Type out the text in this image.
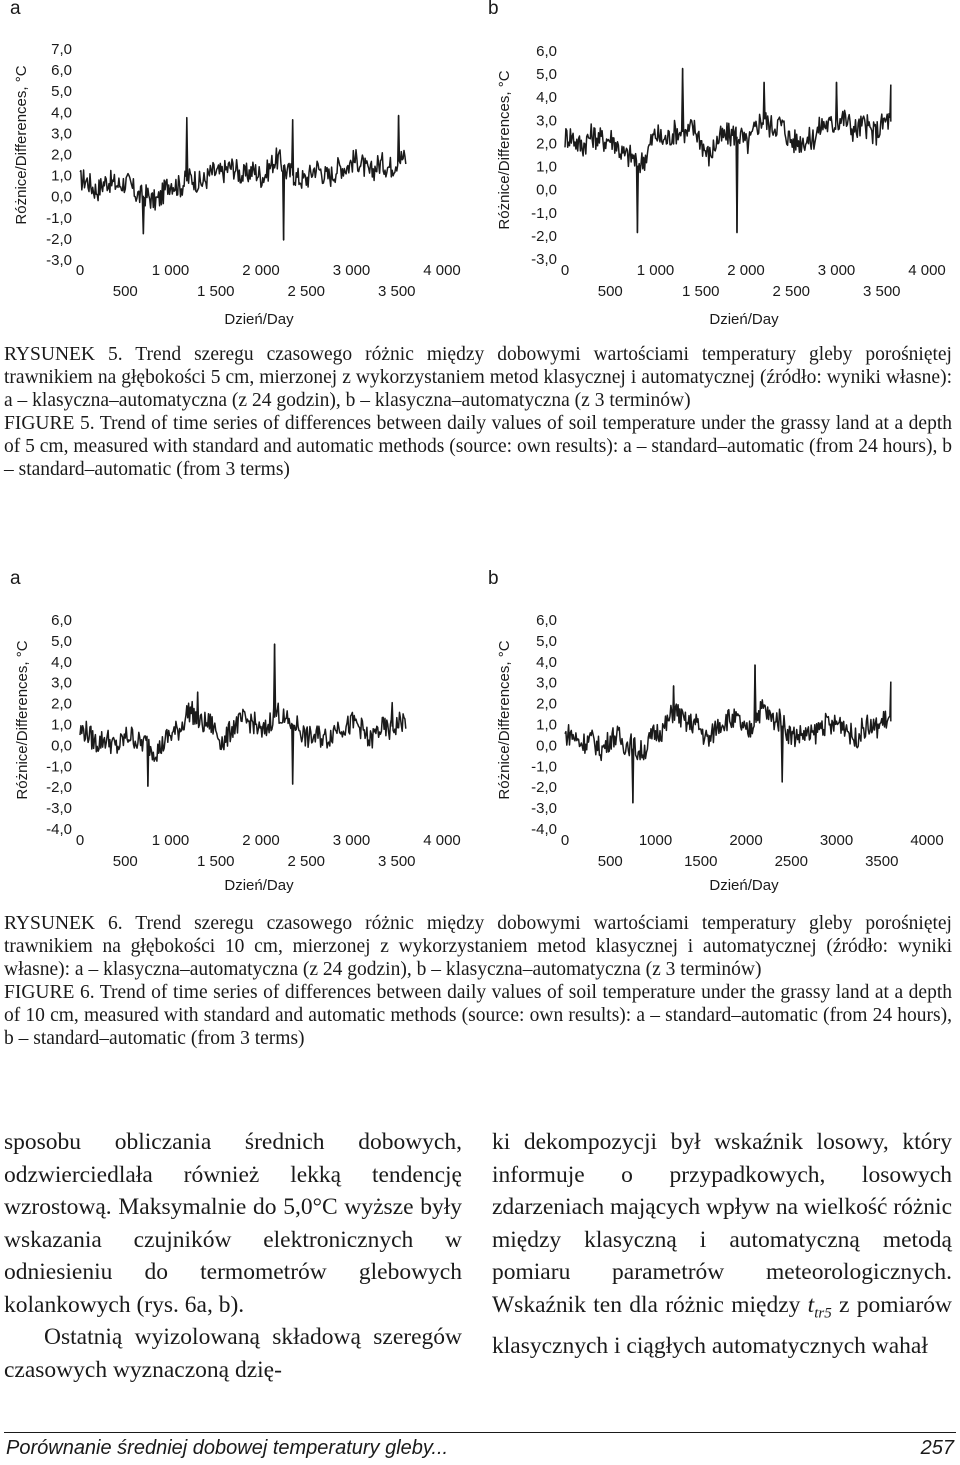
a	b
a	b
7,0
6,0
5,0
4,0
3,0
2,0
1,0
0,0
-1,0
-2,0
-3,0
Różnice/Differences, °C
0	1 000	2 000	3 000	4 000
500	1 500	2 500	3 500
Dzień/Day
6,0
5,0
4,0
3,0
2,0
1,0
0,0
-1,0
-2,0
-3,0
Różnice/Differences, °C
0	1 000	2 000	3 000	4 000
500	1 500	2 500	3 500
Dzień/Day
6,0
5,0
4,0
3,0
2,0
1,0
0,0
-1,0
-2,0
-3,0
-4,0
Różnice/Differences, °C
0	1 000	2 000	3 000	4 000
500	1 500	2 500	3 500
Dzień/Day
6,0
5,0
4,0
3,0
2,0
1,0
0,0
-1,0
-2,0
-3,0
-4,0
Różnice/Differences, °C
0	1000	2000	3000	4000
500	1500	2500	3500
Dzień/Day

RYSUNEK 5. Trend szeregu czasowego różnic między dobowymi wartościami temperatury gleby porośniętej trawnikiem na głębokości 5 cm, mierzonej z wykorzystaniem metod klasycznej i automatycznej (źródło: wyniki własne): a – klasyczna–automatyczna (z 24 godzin), b – klasyczna–automatyczna (z 3 terminów)

FIGURE 5. Trend of time series of differences between daily values of soil temperature under the grassy land at a depth of 5 cm, measured with standard and automatic methods (source: own results): a – standard–automatic (from 24 hours), b – standard–automatic (from 3 terms)

RYSUNEK 6. Trend szeregu czasowego różnic między dobowymi wartościami temperatury gleby porośniętej trawnikiem na głębokości 10 cm, mierzonej z wykorzystaniem metod klasycznej i automatycznej (źródło: wyniki własne): a – klasyczna–automatyczna (z 24 godzin), b – klasyczna–automatyczna (z 3 terminów)

FIGURE 6. Trend of time series of differences between daily values of soil temperature under the grassy land at a depth of 10 cm, measured with standard and automatic methods (source: own results): a – standard–automatic (from 24 hours), b – standard–automatic (from 3 terms)

sposobu obliczania średnich dobowych, odzwierciedlała również lekką tendencję wzrostową. Maksymalnie do 5,0°C wyższe były wskazania czujników elektronicznych w odniesieniu do termometrów glebowych kolankowych (rys. 6a, b).

Ostatnią wyizolowaną składową szeregów czasowych wyznaczoną dzię-

ki dekompozycji był wskaźnik losowy, który informuje o przypadkowych, losowych zdarzeniach mających wpływ na wielkość różnic między klasyczną i automatyczną metodą pomiaru parametrów meteorologicznych. Wskaźnik ten dla różnic między $t_{tr5}$ z pomiarów klasycznych i ciągłych automatycznych wahał

Porównanie średniej dobowej temperatury gleby...	257
